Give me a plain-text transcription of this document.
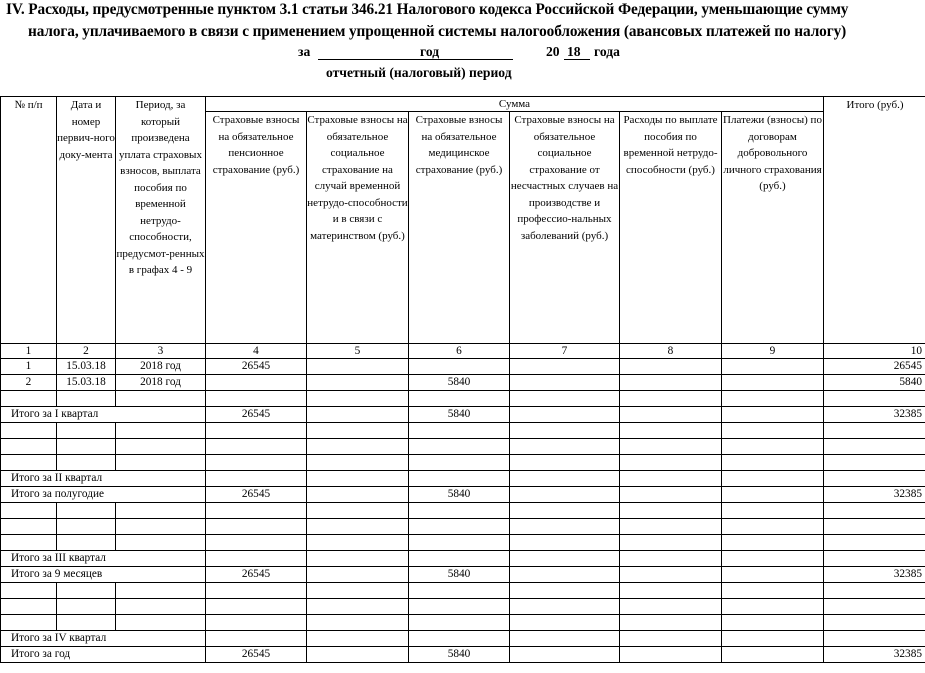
IV. Расходы, предусмотренные пунктом 3.1 статьи 346.21 Налогового кодекса Российской Федерации, уменьшающие сумму
налога, уплачиваемого в связи с применением упрощенной системы налогообложения (авансовых платежей по налогу)
за	год	20 18 года
отчетный (налоговый) период
№ п/п	Дата и номер первич-ного доку-мента	Период, за который произведена уплата страховых взносов, выплата пособия по временной нетрудо-способности, предусмот-ренных в графах 4 - 9	Сумма						Итого (руб.)
			Страховые взносы на обязательное пенсионное страхование (руб.)	Страховые взносы на обязательное социальное страхование на случай временной нетрудо-способности и в связи с материнством (руб.)	Страховые взносы на обязательное медицинское страхование (руб.)	Страховые взносы на обязательное социальное страхование от несчастных случаев на производстве и профессио-нальных заболеваний (руб.)	Расходы по выплате пособия по временной нетрудо-способности (руб.)	Платежи (взносы) по договорам добровольного личного страхования (руб.)	
1	2	3	4	5	6	7	8	9	10
1	15.03.18	2018 год	26545						26545
2	15.03.18	2018 год			5840				5840

Итого за I квартал			26545		5840				32385

Итого за II квартал									
Итого за полугодие			26545		5840				32385

Итого за III квартал									
Итого за 9 месяцев			26545		5840				32385

Итого за IV квартал									
Итого за год			26545		5840				32385
